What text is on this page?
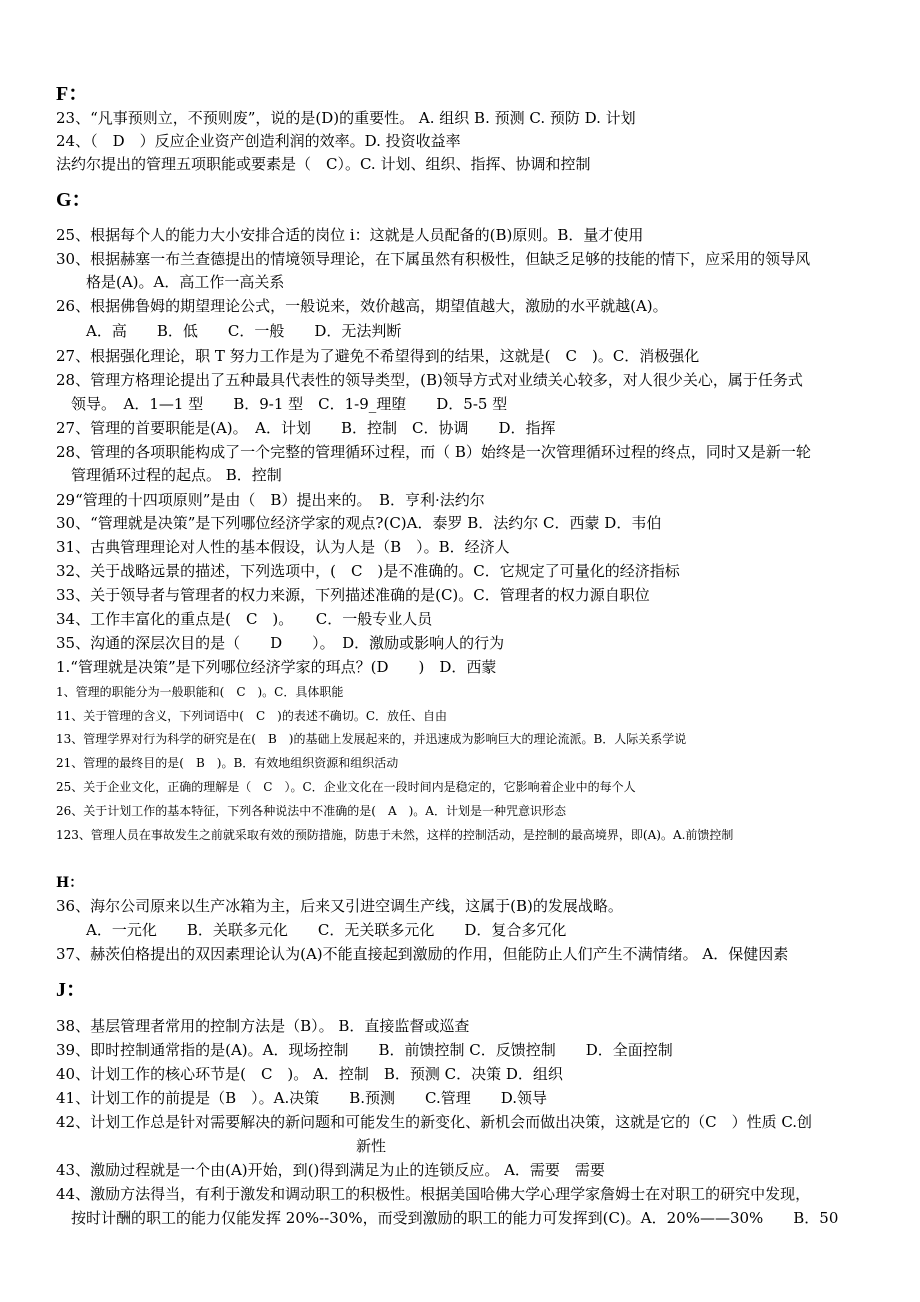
F：
23、“凡事预则立，不预则废”，说的是(D)的重要性。 A. 组织 B. 预测 C. 预防 D. 计划
24、（　D　）反应企业资产创造利润的效率。D. 投资收益率
法约尔提出的管理五项职能或要素是（　C）。C. 计划、组织、指挥、协调和控制
G：
25、根据每个人的能力大小安排合适的岗位 i：这就是人员配备的(B)原则。B．量才使用
30、根据赫塞一布兰查德提出的情境领导理论，在下属虽然有积极性，但缺乏足够的技能的情下，应采用的领导风
　　格是(A)。A．高工作一高关系
26、根据佛鲁姆的期望理论公式，一般说来，效价越高，期望值越大，激励的水平就越(A)。
　　A．高　　B．低　　C．一般　　D．无法判断
27、根据强化理论，职 T 努力工作是为了避免不希望得到的结果，这就是(　C　)。C．消极强化
28、管理方格理论提出了五种最具代表性的领导类型，(B)领导方式对业绩关心较多，对人很少关心，属于任务式
　领导。　A．1—1 型　　B．9-1 型　C．1-9_理堕　　D．5-5 型
27、管理的首要职能是(A)。　A．计划　　B．控制　C．协调　　D．指挥
28、管理的各项职能构成了一个完整的管理循环过程，而（ B）始终是一次管理循环过程的终点，同时又是新一轮
　管理循环过程的起点。 B．控制
29“管理的十四项原则”是由（　B）提出来的。　B．亨利·法约尔
30、“管理就是决策”是下列哪位经济学家的观点?(C)A．泰罗 B．法约尔 C．西蒙 D．韦伯
31、古典管理理论对人性的基本假设，认为人是（B　）。B．经济人
32、关于战略远景的描述，下列选项中，(　C　)是不准确的。C．它规定了可量化的经济指标
33、关于领导者与管理者的权力来源，下列描述准确的是(C)。C．管理者的权力源自职位
34、工作丰富化的重点是(　C　)。　　C．一般专业人员
35、沟通的深层次目的是（　　D　　）。　D．激励或影响人的行为
1.“管理就是决策”是下列哪位经济学家的珥点？(D　　)　D．西蒙
1、管理的职能分为一般职能和(　C　)。C．具体职能
11、关于管理的含义，下列词语中(　C　)的表述不确切。C．放任、自由
13、管理学界对行为科学的研究是在(　B　)的基础上发展起来的，并迅速成为影响巨大的理论流派。B．人际关系学说
21、管理的最终目的是(　B　)。B．有效地组织资源和组织活动
25、关于企业文化，正确的理解是（　C　）。C．企业文化在一段时间内是稳定的，它影响着企业中的每个人
26、关于计划工作的基本特征，下列各种说法中不准确的是(　A　)。A．计划是一种咒意识形态
123、管理人员在事故发生之前就采取有效的预防措施，防患于未然，这样的控制活动，是控制的最高境界，即(A)。A.前馈控制
H：
36、海尔公司原来以生产冰箱为主，后来又引进空调生产线，这属于(B)的发展战略。
　　A．一元化　　B．关联多元化　　C．无关联多元化　　D．复合多冗化
37、赫茨伯格提出的双因素理论认为(A)不能直接起到激励的作用，但能防止人们产生不满情绪。 A．保健因素
J：
38、基层管理者常用的控制方法是（B）。 B．直接监督或巡查
39、即时控制通常指的是(A)。A．现场控制　　B．前馈控制 C．反馈控制　　D．全面控制
40、计划工作的核心环节是(　C　)。 A．控制　B．预测 C．决策 D．组织
41、计划工作的前提是（B　）。A.决策　　B.预测　　C.管理　　D.领导
42、计划工作总是针对需要解决的新问题和可能发生的新变化、新机会而做出决策，这就是它的（C　）性质 C.创
　　　　　　　　　　　　　　　　　　　　新性
43、激励过程就是一个由(A)开始，到()得到满足为止的连锁反应。 A．需要　需要
44、激励方法得当，有利于激发和调动职工的积极性。根据美国哈佛大学心理学家詹姆士在对职工的研究中发现，
　按时计酬的职工的能力仅能发挥 20%--30%，而受到激励的职工的能力可发挥到(C)。A．20%——30%　　B．50
